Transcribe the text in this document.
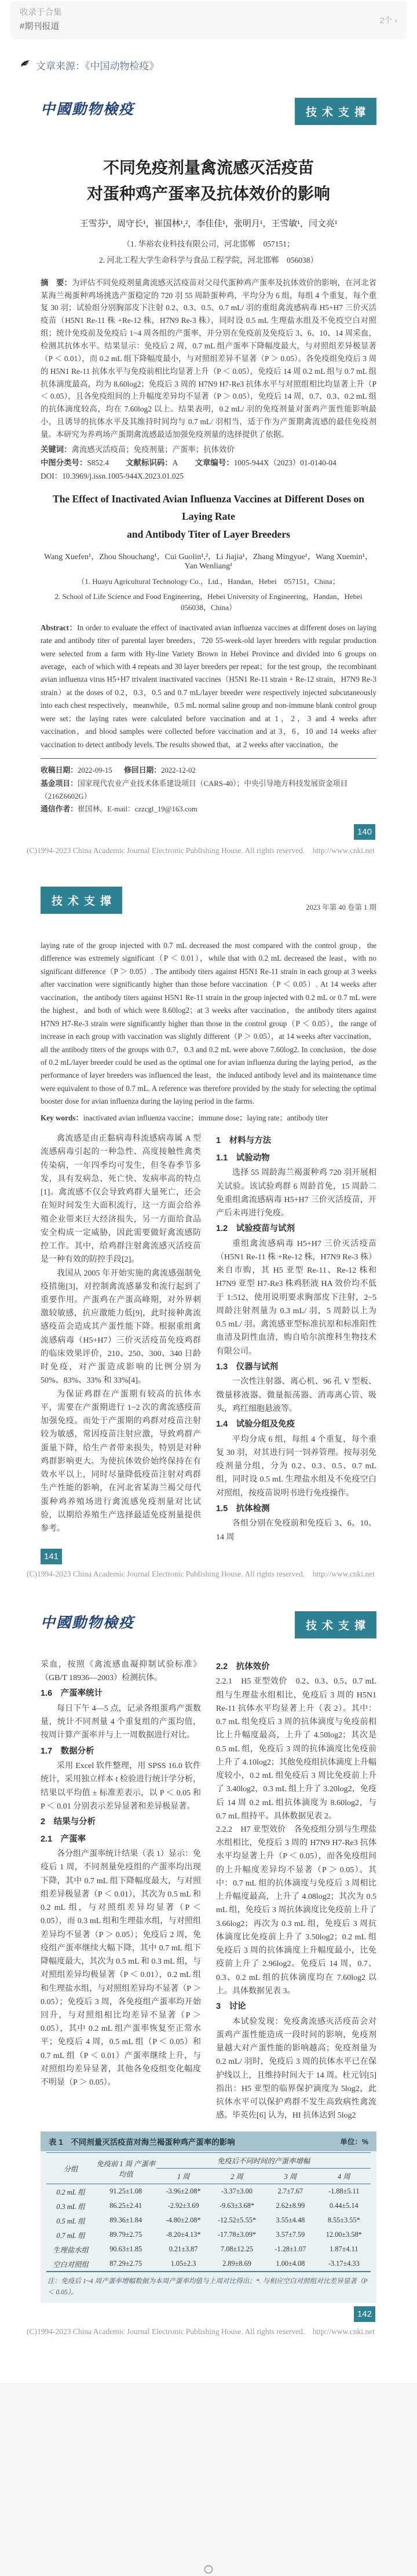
收录于合集
#期刊报道
2个 ›
文章来源：《中国动物检疫》
中國動物檢疫	技术支撑
不同免疫剂量禽流感灭活疫苗
对蛋种鸡产蛋率及抗体效价的影响
王雪芬¹，周守长¹，崔国林¹,²，李佳佳¹，张明月¹，王雪敏¹，闫文亮¹
（1. 华裕农业科技有限公司，河北邯郸　057151；
2. 河北工程大学生命科学与食品工程学院，河北邯郸　056038）
摘　要：为评估不同免疫剂量禽流感灭活疫苗对父母代蛋种鸡产蛋率及抗体效价的影响，在河北省某海兰褐蛋种鸡场挑选产蛋稳定的 720 羽 55 周龄蛋种鸡，平均分为 6 组，每组 4 个重复，每个重复 30 羽；试验组分别胸部皮下注射 0.2、0.3、0.5、0.7 mL/ 羽的重组禽流感病毒 H5+H7 三价灭活疫苗（H5N1 Re-11 株 +Re-12 株，H7N9 Re-3 株），同时设 0.5 mL 生理盐水组及不免疫空白对照组；统计免疫前及免疫后 1~4 周各组的产蛋率，并分别在免疫前及免疫后 3、6、10、14 周采血，检测其抗体水平。结果显示：免疫后 2 周，0.7 mL 组产蛋率下降幅度最大，与对照组差异极显著（P ＜ 0.01），而 0.2 mL 组下降幅度最小，与对照组差异不显著（P ＞ 0.05）。各免疫组免疫后 3 周的 H5N1 Re-11 抗体水平与免疫前相比均显著上升（P ＜ 0.05），免疫后 14 周 0.2 mL 组与 0.7 mL 组抗体滴度最高，均为 8.60log2；免疫后 3 周的 H7N9 H7-Re3 抗体水平与对照组相比均显著上升（P ＜ 0.05），且各免疫组间的上升幅度差异均不显著（P ＞ 0.05），免疫后 14 周，0.7、0.3、0.2 mL 组的抗体滴度较高，均在 7.60log2 以上。结果表明，0.2 mL/ 羽的免疫剂量对蛋鸡产蛋性能影响最小，且诱导的抗体水平及其维持时间均与 0.7 mL/ 羽相当，适于作为产蛋期禽流感的最佳免疫剂量。本研究为养鸡场产蛋期禽流感最适加强免疫剂量的选择提供了依据。
关键词：禽流感灭活疫苗；免疫剂量；产蛋率；抗体效价
中图分类号：S852.4 文献标识码：A 文章编号：1005-944X（2023）01-0140-04
DOI：10.3969/j.issn.1005-944X.2023.01.025
The Effect of Inactivated Avian Influenza Vaccines at Different Doses on Laying Rate
and Antibody Titer of Layer Breeders
Wang Xuefen¹，Zhou Shouchang¹，Cui Guolin¹,²，Li Jiajia¹，Zhang Mingyue¹，Wang Xuemin¹，Yan Wenliang¹
（1. Huayu Agricultural Technology Co.，Ltd.，Handan，Hebei　057151，China；
2. School of Life Science and Food Engineering，Hebei University of Engineering，Handan，Hebei　056038，China）
Abstract：In order to evaluate the effect of inactivated avian influenza vaccines at different doses on laying rate and antibody titer of parental layer breeders，720 55-week-old layer breeders with regular production were selected from a farm with Hy-line Variety Brown in Hebei Province and divided into 6 groups on average，each of which with 4 repeats and 30 layer breeders per repeat；for the test group，the recombinant avian influenza virus H5+H7 trivalent inactivated vaccines（H5N1 Re-11 strain + Re-12 strain，H7N9 Re-3 strain）at the doses of 0.2，0.3，0.5 and 0.7 mL/layer breeder were respectively injected subcutaneously into each chest respectively，meanwhile，0.5 mL normal saline group and non-immune blank control group were set；the laying rates were calculated before vaccination and at 1，2，3 and 4 weeks after vaccination，and blood samples were collected before vaccination and at 3，6，10 and 14 weeks after vaccination to detect antibody levels. The results showed that，at 2 weeks after vaccination，the
收稿日期：2022-09-15 修回日期：2022-12-02
基金项目：国家现代农业产业技术体系建设项目（CARS-40）；中央引导地方科技发展资金项目（216Z6602G）
通信作者：崔国林。E-mail：czzcgl_19@163.com
140
(C)1994-2023 China Academic Journal Electronic Publishing House. All rights reserved.　http://www.cnki.net
技术支撑	2023 年第 40 卷第 1 期
laying rate of the group injected with 0.7 mL decreased the most compared with the control group，the difference was extremely significant（P ＜ 0.01），while that with 0.2 mL decreased the least，with no significant difference（P ＞ 0.05）. The antibody titers against H5N1 Re-11 strain in each group at 3 weeks after vaccination were significantly higher than those before vaccination（P ＜ 0.05）. At 14 weeks after vaccination，the antibody titers against H5N1 Re-11 strain in the group injected with 0.2 mL or 0.7 mL were the highest，and both of which were 8.60log2；at 3 weeks after vaccination，the antibody titers against H7N9 H7-Re-3 strain were significantly higher than those in the control group（P ＜ 0.05），the range of increase in each group with vaccination was slightly different（P ＞ 0.05），at 14 weeks after vaccination，all the antibody titers of the groups with 0.7，0.3 and 0.2 mL were above 7.60log2. In conclusion，the dose of 0.2 mL/layer breeder could be used as the optimal one for avian influenza during the laying period，as the performance of layer breeders was influenced the least，the induced antibody level and its maintenance time were equivalent to those of 0.7 mL. A reference was therefore provided by the study for selecting the optimal booster dose for avian influenza during the laying period in the farms.
Key words：inactivated avian influenza vaccine；immune dose；laying rate；antibody titer
禽流感是由正黏病毒科流感病毒属 A 型流感病毒引起的一种急性、高度接触性禽类传染病，一年四季均可发生，但冬春季节多发，具有发病急、死亡快、发病率高的特点[1]。禽流感不仅会导致鸡群大量死亡，还会在短时间发生大面积流行，这一方面会给养殖企业带来巨大经济损失，另一方面给食品安全构成一定威胁，因此需要做好禽流感防控工作。其中，给鸡群注射禽流感灭活疫苗是一种有效的防控手段[2]。
我国从 2005 年开始实施的禽流感强制免疫措施[3]，对控制禽流感暴发和流行起到了重要作用。产蛋鸡在产蛋高峰期，对外界刺激较敏感，抗应激能力低[9]，此时接种禽流感疫苗会造成其产蛋性能下降。根据重组禽流感病毒（H5+H7）三价灭活疫苗免疫鸡群的临床效果评价，210、250、300、340 日龄时免疫，对产蛋造成影响的比例分别为 50%、83%、33% 和 33%[4]。
为保证鸡群在产蛋期有较高的抗体水平，需要在产蛋期进行 1~2 次的禽流感疫苗加强免疫。而处于产蛋期的鸡群对疫苗注射较为敏感，常因疫苗注射应激，导致鸡群产蛋量下降，给生产者带来损失，特别是对种鸡群影响更大。为使抗体效价始终保持在有效水平以上，同时尽量降低疫苗注射对鸡群生产性能的影响，在河北省某海兰褐父母代蛋种鸡养殖场进行禽流感免疫剂量对比试验，以期给养殖生产选择最适免疫剂量提供参考。
1　材料与方法
1.1　试验动物
选择 55 周龄海兰褐蛋种鸡 720 羽开展相关试验。该试验鸡群 6 周龄首免，15 周龄二免重组禽流感病毒 H5+H7 三价灭活疫苗，开产后未再进行免疫。
1.2　试验疫苗与试剂
重组禽流感病毒 H5+H7 三价灭活疫苗（H5N1 Re-11 株 +Re-12 株，H7N9 Re-3 株）来自市购，其 H5 亚型 Re-11、Re-12 株和 H7N9 亚型 H7-Re3 株鸡胚液 HA 效价均不低于 1:512，使用说明要求胸部皮下注射，2~5 周龄注射剂量为 0.3 mL/ 羽，5 周龄以上为 0.5 mL/ 羽。禽流感亚型标准抗原和标准阳性血清及阴性血清，购自哈尔滨维科生物技术有限公司。
1.3　仪器与试剂
一次性注射器、离心机、96 孔 V 型板、微量移液器、微量振荡器、消毒离心管、吸头，鸡红细胞悬液等。
1.4　试验分组及免疫
平均分成 6 组，每组 4 个重复，每个重复 30 羽，对其进行同一饲养管理。按每羽免疫剂量分组，分为 0.2、0.3、0.5、0.7 mL 组，同时设 0.5 mL 生理盐水组及不免疫空白对照组，按疫苗说明书进行免疫操作。
1.5　抗体检测
各组分别在免疫前和免疫后 3、6、10、14 周
141
(C)1994-2023 China Academic Journal Electronic Publishing House. All rights reserved.　http://www.cnki.net
中國動物檢疫	技术支撑
采血，按照《禽流感血凝抑制试验标准》（GB/T 18936—2003）检测抗体。
1.6　产蛋率统计
每日下午 4—5 点，记录各组蛋鸡产蛋数量，统计不同剂量 4 个重复组的产蛋均值，按周计算产蛋率并与上一周数据进行对比。
1.7　数据分析
采用 Excel 软件整理，用 SPSS 16.0 软件统计，采用独立样本 t 检验进行统计学分析，结果以平均值 ± 标准差表示，以 P ＜ 0.05 和 P ＜ 0.01 分别表示差异显著和差异极显著。
2　结果与分析
2.1　产蛋率
各分组产蛋率统计结果（表 1）显示：免疫后 1 周，不同剂量免疫组的产蛋率均出现下降，其中 0.7 mL 组下降幅度最大，与对照组差异极显著（P ＜ 0.01），其次为 0.5 mL 和 0.2 mL 组，与对照组差异均显著（P ＜ 0.05），而 0.3 mL 组和生理盐水组，与对照组差异均不显著（P ＞ 0.05）；免疫后 2 周，免疫组产蛋率继续大幅下降，其中 0.7 mL 组下降幅度最大，其次为 0.5 mL 和 0.3 mL 组，与对照组差异均极显著（P ＜ 0.01），0.2 mL 组和生理盐水组，与对照组差异均不显著（P ＞ 0.05）；免疫后 3 周，各免疫组产蛋率均开始回升，与对照组相比均差异不显著（P ＞ 0.05），其中 0.2 mL 组产蛋率恢复至正常水平；免疫后 4 周，0.5 mL 组（P ＜ 0.05）和 0.7 mL 组（P ＜ 0.01）产蛋率继续上升，与对照组均差异显著，其他各免疫组变化幅度不明显（P ＞ 0.05）。
2.2　抗体效价
2.2.1　H5 亚型效价　0.2、0.3、0.5、0.7 mL 组与生理盐水组相比，免疫后 3 周的 H5N1 Re-11 抗体水平均显著上升（表 2）。其中：0.7 mL 组免疫后 3 周的抗体滴度与免疫前相比上升幅度最高，上升了 4.50log2；其次是 0.5 mL 组，免疫后 3 周的抗体滴度比免疫前上升了 4.10log2；其他免疫组抗体滴度上升幅度较小，0.2 mL 组免疫后 3 周比免疫前上升了 3.40log2，0.3 mL 组上升了 3.20log2，免疫后 14 周 0.2 mL 组抗体滴度为 8.60log2，与 0.7 mL 组持平。具体数据见表 2。
2.2.2　H7 亚型效价　各免疫组分别与生理盐水组相比，免疫后 3 周的 H7N9 H7-Re3 抗体水平均显著上升（P ＜ 0.05），而各免疫组间的上升幅度差异均不显著（P ＞ 0.05）。其中：0.7 mL 组的抗体滴度与免疫后 3 周相比上升幅度最高，上升了 4.08log2；其次为 0.5 mL 组，免疫后 3 周抗体滴度比免疫前上升了 3.66log2；再次为 0.3 mL 组，免疫后 3 周抗体滴度比免疫前上升了 3.50log2；0.2 mL 组免疫后 3 周的抗体滴度上升幅度最小，比免疫前上升了 2.96log2。免疫后 14 周，0.7、0.3、0.2 mL 组的抗体滴度均在 7.60log2 以上。具体数据见表 3。
3　讨论
本试验发现：免疫禽流感灭活疫苗会对蛋鸡产蛋性能造成一段时间的影响，免疫剂量越大对产蛋性能的影响越高；免疫剂量为 0.2 mL/ 羽时，免疫后 3 周的抗体水平已在保护线以上，且维持时间大于 14 周。杜元钊[5] 指出：H5 亚型的临界保护滴度为 5log2，此抗体水平可以保护鸡群不发生高致病性禽流感。毕英佐[6] 认为，HI 抗体达到 5log2
表 1　不同剂量灭活疫苗对海兰褐蛋种鸡产蛋率的影响	单位：%
分组	免疫前 1 周 产蛋率均值	免疫后不同时间的产蛋率增幅			
		1 周	2 周	3 周	4 周
0.2 mL 组	91.25±1.08	-3.96±2.08*	-3.37±3.00	2.7±7.67	-1.88±5.11
0.3 mL 组	86.25±2.41	-2.92±3.69	-9.63±3.68*	2.62±8.99	0.44±5.14
0.5 mL 组	89.36±1.84	-4.80±2.08*	-12.52±5.55*	3.55±4.48	8.55±3.55*
0.7 mL 组	89.79±2.75	-8.20±4.13*	-17.78±3.09*	3.57±7.59	12.00±3.58*
生理盐水组	90.63±1.85	0.21±3.87	7.08±12.25	-1.28±1.07	1.87±4.11
空白对照组	87.29±2.75	1.05±2.3	2.89±8.69	1.00±4.08	-3.17±4.33
注：免疫后 1~4 周产蛋率增幅数据为本周产蛋率均值与上周对比得出；*. 与相应空白对照组对比差异显著（P ＜ 0.05）。
142
(C)1994-2023 China Academic Journal Electronic Publishing House. All rights reserved.　http://www.cnki.net
